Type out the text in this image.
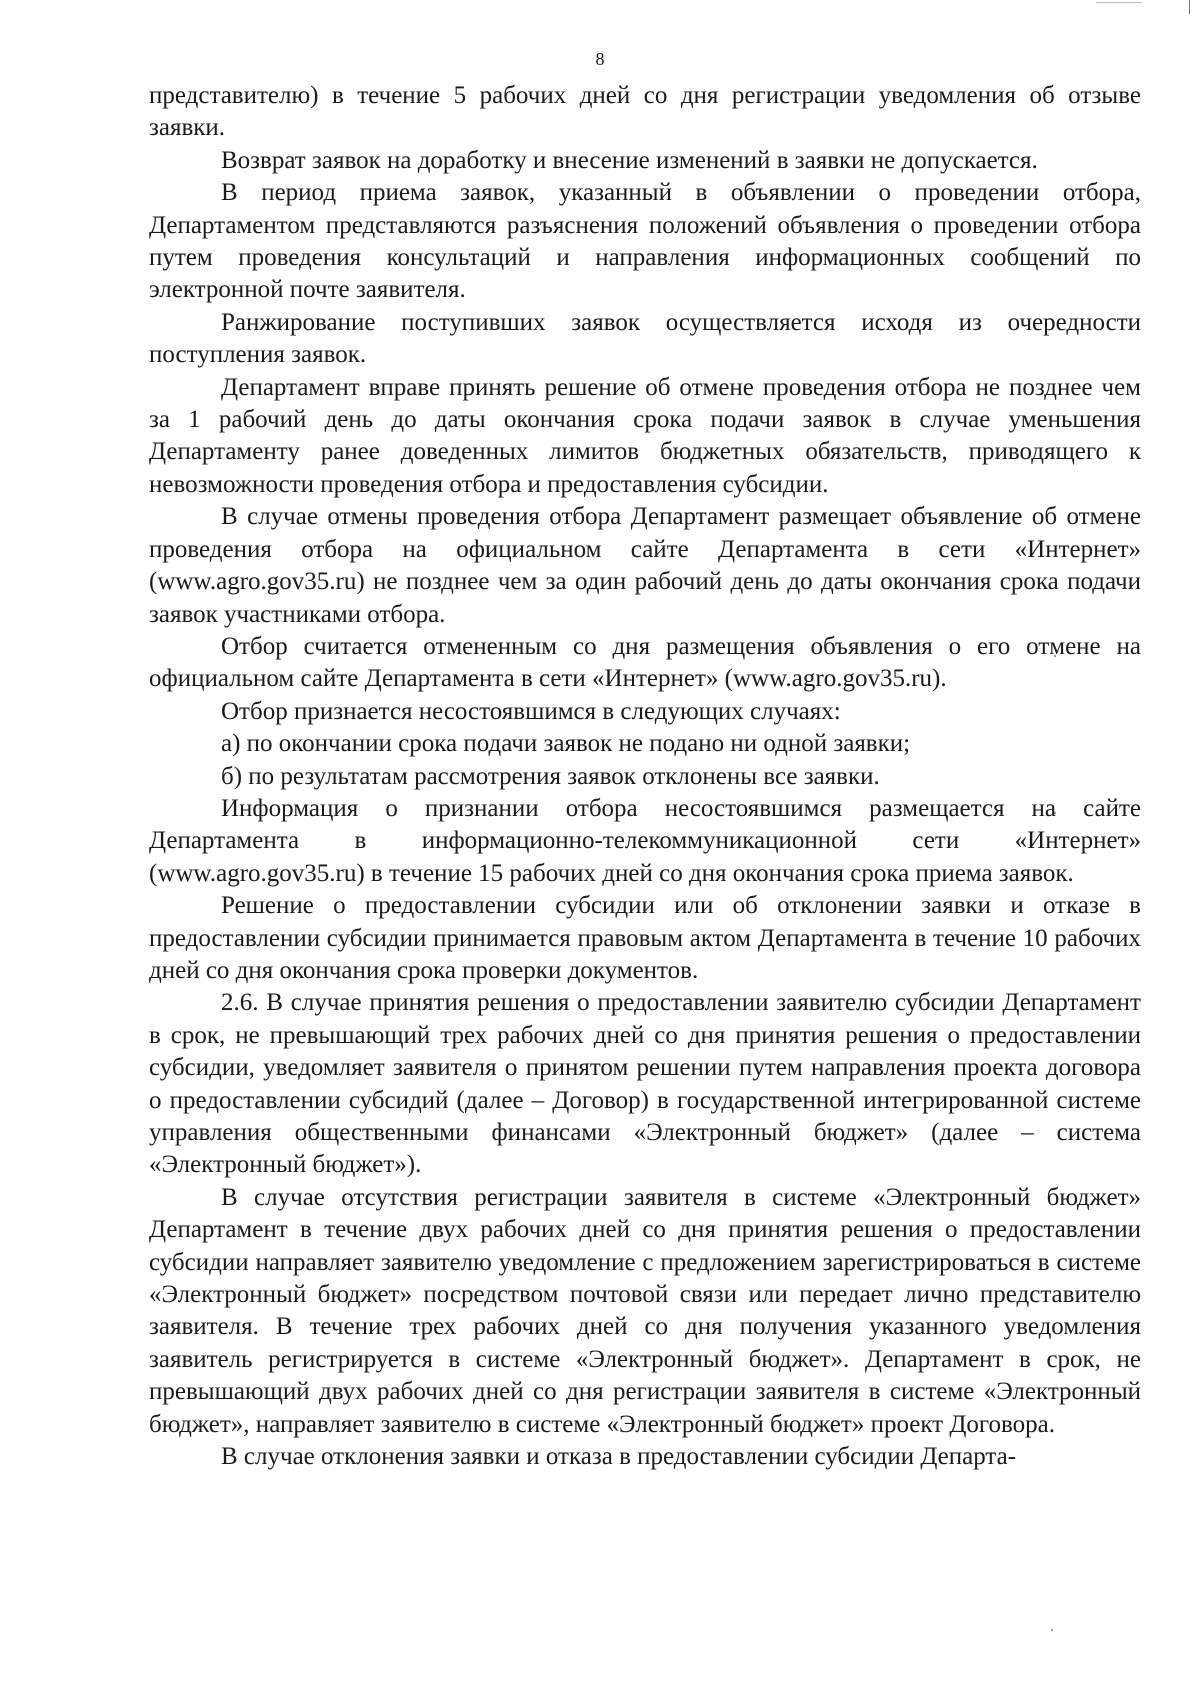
8

представителю) в течение 5 рабочих дней со дня регистрации уведомления об отзыве заявки.

Возврат заявок на доработку и внесение изменений в заявки не допускается.

В период приема заявок, указанный в объявлении о проведении отбора, Департаментом представляются разъяснения положений объявления о проведении отбора путем проведения консультаций и направления информационных сообщений по электронной почте заявителя.

Ранжирование поступивших заявок осуществляется исходя из очередности поступления заявок.

Департамент вправе принять решение об отмене проведения отбора не позднее чем за 1 рабочий день до даты окончания срока подачи заявок в случае уменьшения Департаменту ранее доведенных лимитов бюджетных обязательств, приводящего к невозможности проведения отбора и предоставления субсидии.

В случае отмены проведения отбора Департамент размещает объявление об отмене проведения отбора на официальном сайте Департамента в сети «Интернет» (www.agro.gov35.ru) не позднее чем за один рабочий день до даты окончания срока подачи заявок участниками отбора.

Отбор считается отмененным со дня размещения объявления о его отмене на официальном сайте Департамента в сети «Интернет» (www.agro.gov35.ru).

Отбор признается несостоявшимся в следующих случаях:

а) по окончании срока подачи заявок не подано ни одной заявки;

б) по результатам рассмотрения заявок отклонены все заявки.

Информация о признании отбора несостоявшимся размещается на сайте Департамента в информационно-телекоммуникационной сети «Интернет» (www.agro.gov35.ru) в течение 15 рабочих дней со дня окончания срока приема заявок.

Решение о предоставлении субсидии или об отклонении заявки и отказе в предоставлении субсидии принимается правовым актом Департамента в течение 10 рабочих дней со дня окончания срока проверки документов.

2.6. В случае принятия решения о предоставлении заявителю субсидии Департамент в срок, не превышающий трех рабочих дней со дня принятия решения о предоставлении субсидии, уведомляет заявителя о принятом решении путем направления проекта договора о предоставлении субсидий (далее – Договор) в государственной интегрированной системе управления общественными финансами «Электронный бюджет» (далее – система «Электронный бюджет»).

В случае отсутствия регистрации заявителя в системе «Электронный бюджет» Департамент в течение двух рабочих дней со дня принятия решения о предоставлении субсидии направляет заявителю уведомление с предложением зарегистрироваться в системе «Электронный бюджет» посредством почтовой связи или передает лично представителю заявителя. В течение трех рабочих дней со дня получения указанного уведомления заявитель регистрируется в системе «Электронный бюджет». Департамент в срок, не превышающий двух рабочих дней со дня регистрации заявителя в системе «Электронный бюджет», направляет заявителю в системе «Электронный бюджет» проект Договора.

В случае отклонения заявки и отказа в предоставлении субсидии Департа-
